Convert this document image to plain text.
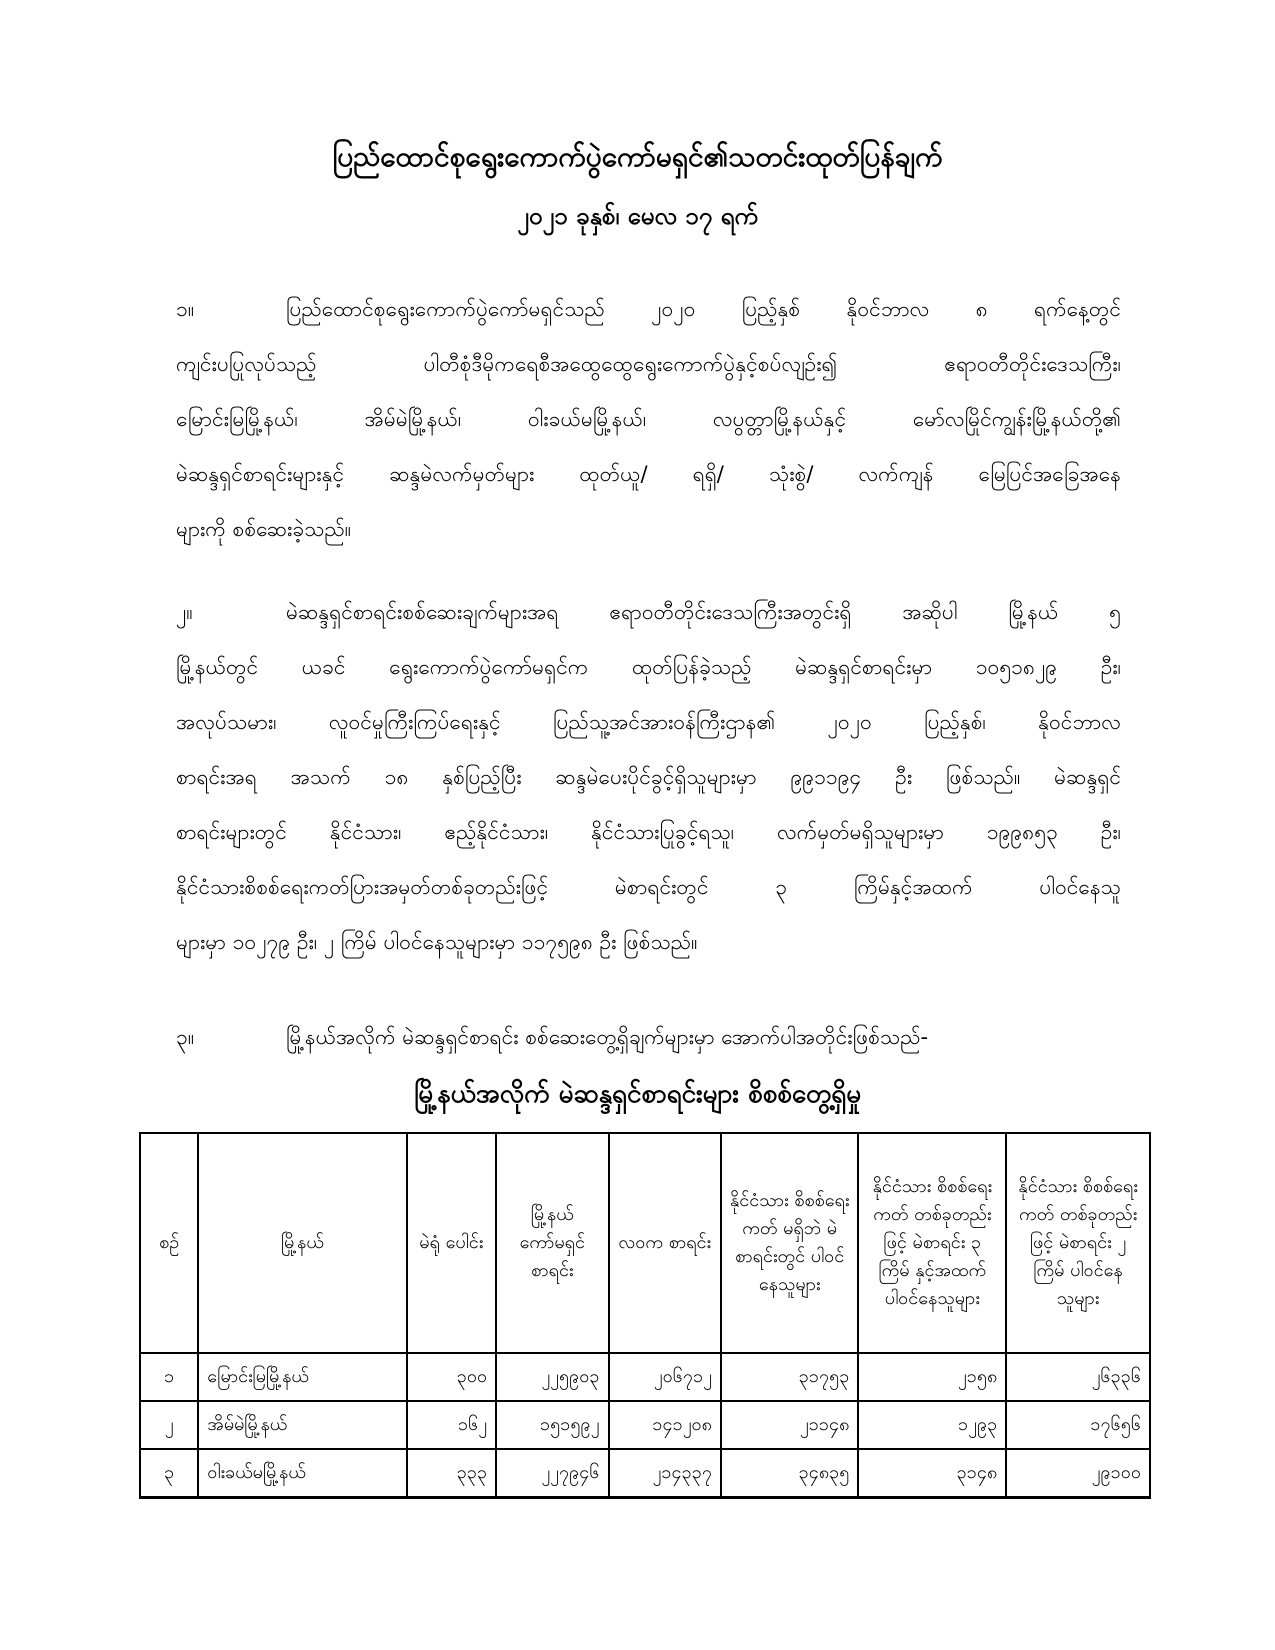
ပြည်ထောင်စုရွေးကောက်ပွဲကော်မရှင်၏သတင်းထုတ်ပြန်ချက်
၂၀၂၁ ခုနှစ်၊ မေလ ၁၇ ရက်
၁။	ပြည်ထောင်စုရွေးကောက်ပွဲကော်မရှင်သည် ၂၀၂၀ ပြည့်နှစ် နိုဝင်ဘာလ ၈ ရက်နေ့တွင်
ကျင်းပပြုလုပ်သည့် ပါတီစုံဒီမိုကရေစီအထွေထွေရွေးကောက်ပွဲနှင့်စပ်လျဉ်း၍ ဧရာဝတီတိုင်းဒေသကြီး၊
မြောင်းမြမြို့နယ်၊ အိမ်မဲမြို့နယ်၊ ဝါးခယ်မမြို့နယ်၊ လပွတ္တာမြို့နယ်နှင့် မော်လမြိုင်ကျွန်းမြို့နယ်တို့၏
မဲဆန္ဒရှင်စာရင်းများနှင့် ဆန္ဒမဲလက်မှတ်များ ထုတ်ယူ/ ရရှိ/ သုံးစွဲ/ လက်ကျန် မြေပြင်အခြေအနေ
များကို စစ်ဆေးခဲ့သည်။
၂။	မဲဆန္ဒရှင်စာရင်းစစ်ဆေးချက်များအရ ဧရာဝတီတိုင်းဒေသကြီးအတွင်းရှိ အဆိုပါ မြို့နယ် ၅
မြို့နယ်တွင် ယခင် ရွေးကောက်ပွဲကော်မရှင်က ထုတ်ပြန်ခဲ့သည့် မဲဆန္ဒရှင်စာရင်းမှာ ၁၀၅၁၈၂၉ ဦး၊
အလုပ်သမား၊ လူဝင်မှုကြီးကြပ်ရေးနှင့် ပြည်သူ့အင်အားဝန်ကြီးဌာန၏ ၂၀၂၀ ပြည့်နှစ်၊ နိုဝင်ဘာလ
စာရင်းအရ အသက် ၁၈ နှစ်ပြည့်ပြီး ဆန္ဒမဲပေးပိုင်ခွင့်ရှိသူများမှာ ၉၉၁၁၉၄ ဦး ဖြစ်သည်။ မဲဆန္ဒရှင်
စာရင်းများတွင် နိုင်ငံသား၊ ဧည့်နိုင်ငံသား၊ နိုင်ငံသားပြုခွင့်ရသူ၊ လက်မှတ်မရှိသူများမှာ ၁၉၉၈၅၃ ဦး၊
နိုင်ငံသားစိစစ်ရေးကတ်ပြားအမှတ်တစ်ခုတည်းဖြင့် မဲစာရင်းတွင် ၃ ကြိမ်နှင့်အထက် ပါဝင်နေသူ
များမှာ ၁၀၂၇၉ ဦး၊ ၂ ကြိမ် ပါဝင်နေသူများမှာ ၁၁၇၅၉၈ ဦး ဖြစ်သည်။
၃။	မြို့နယ်အလိုက် မဲဆန္ဒရှင်စာရင်း စစ်ဆေးတွေ့ရှိချက်များမှာ အောက်ပါအတိုင်းဖြစ်သည်-
မြို့နယ်အလိုက် မဲဆန္ဒရှင်စာရင်းများ စိစစ်တွေ့ရှိမှု
စဉ်	မြို့နယ်	မဲရုံ ပေါင်း	မြို့နယ် ကော်မရှင် စာရင်း	လဝက စာရင်း	နိုင်ငံသား စိစစ်ရေးကတ် မရှိဘဲ မဲစာရင်းတွင် ပါဝင်နေသူများ	နိုင်ငံသား စိစစ်ရေးကတ် တစ်ခုတည်းဖြင့် မဲစာရင်း ၃ ကြိမ် နှင့်အထက် ပါဝင်နေသူများ	နိုင်ငံသား စိစစ်ရေးကတ် တစ်ခုတည်းဖြင့် မဲစာရင်း ၂ ကြိမ် ပါဝင်နေသူများ
၁	မြောင်းမြမြို့နယ်	၃၀၀	၂၂၅၉၀၃	၂၀၆၇၁၂	၃၁၇၅၃	၂၁၅၈	၂၆၃၃၆
၂	အိမ်မဲမြို့နယ်	၁၆၂	၁၅၁၅၉၂	၁၄၁၂၀၈	၂၁၁၄၈	၁၂၉၃	၁၇၆၅၆
၃	ဝါးခယ်မမြို့နယ်	၃၃၃	၂၂၇၉၄၆	၂၁၄၃၃၇	၃၄၈၃၅	၃၁၄၈	၂၉၁၀၀
